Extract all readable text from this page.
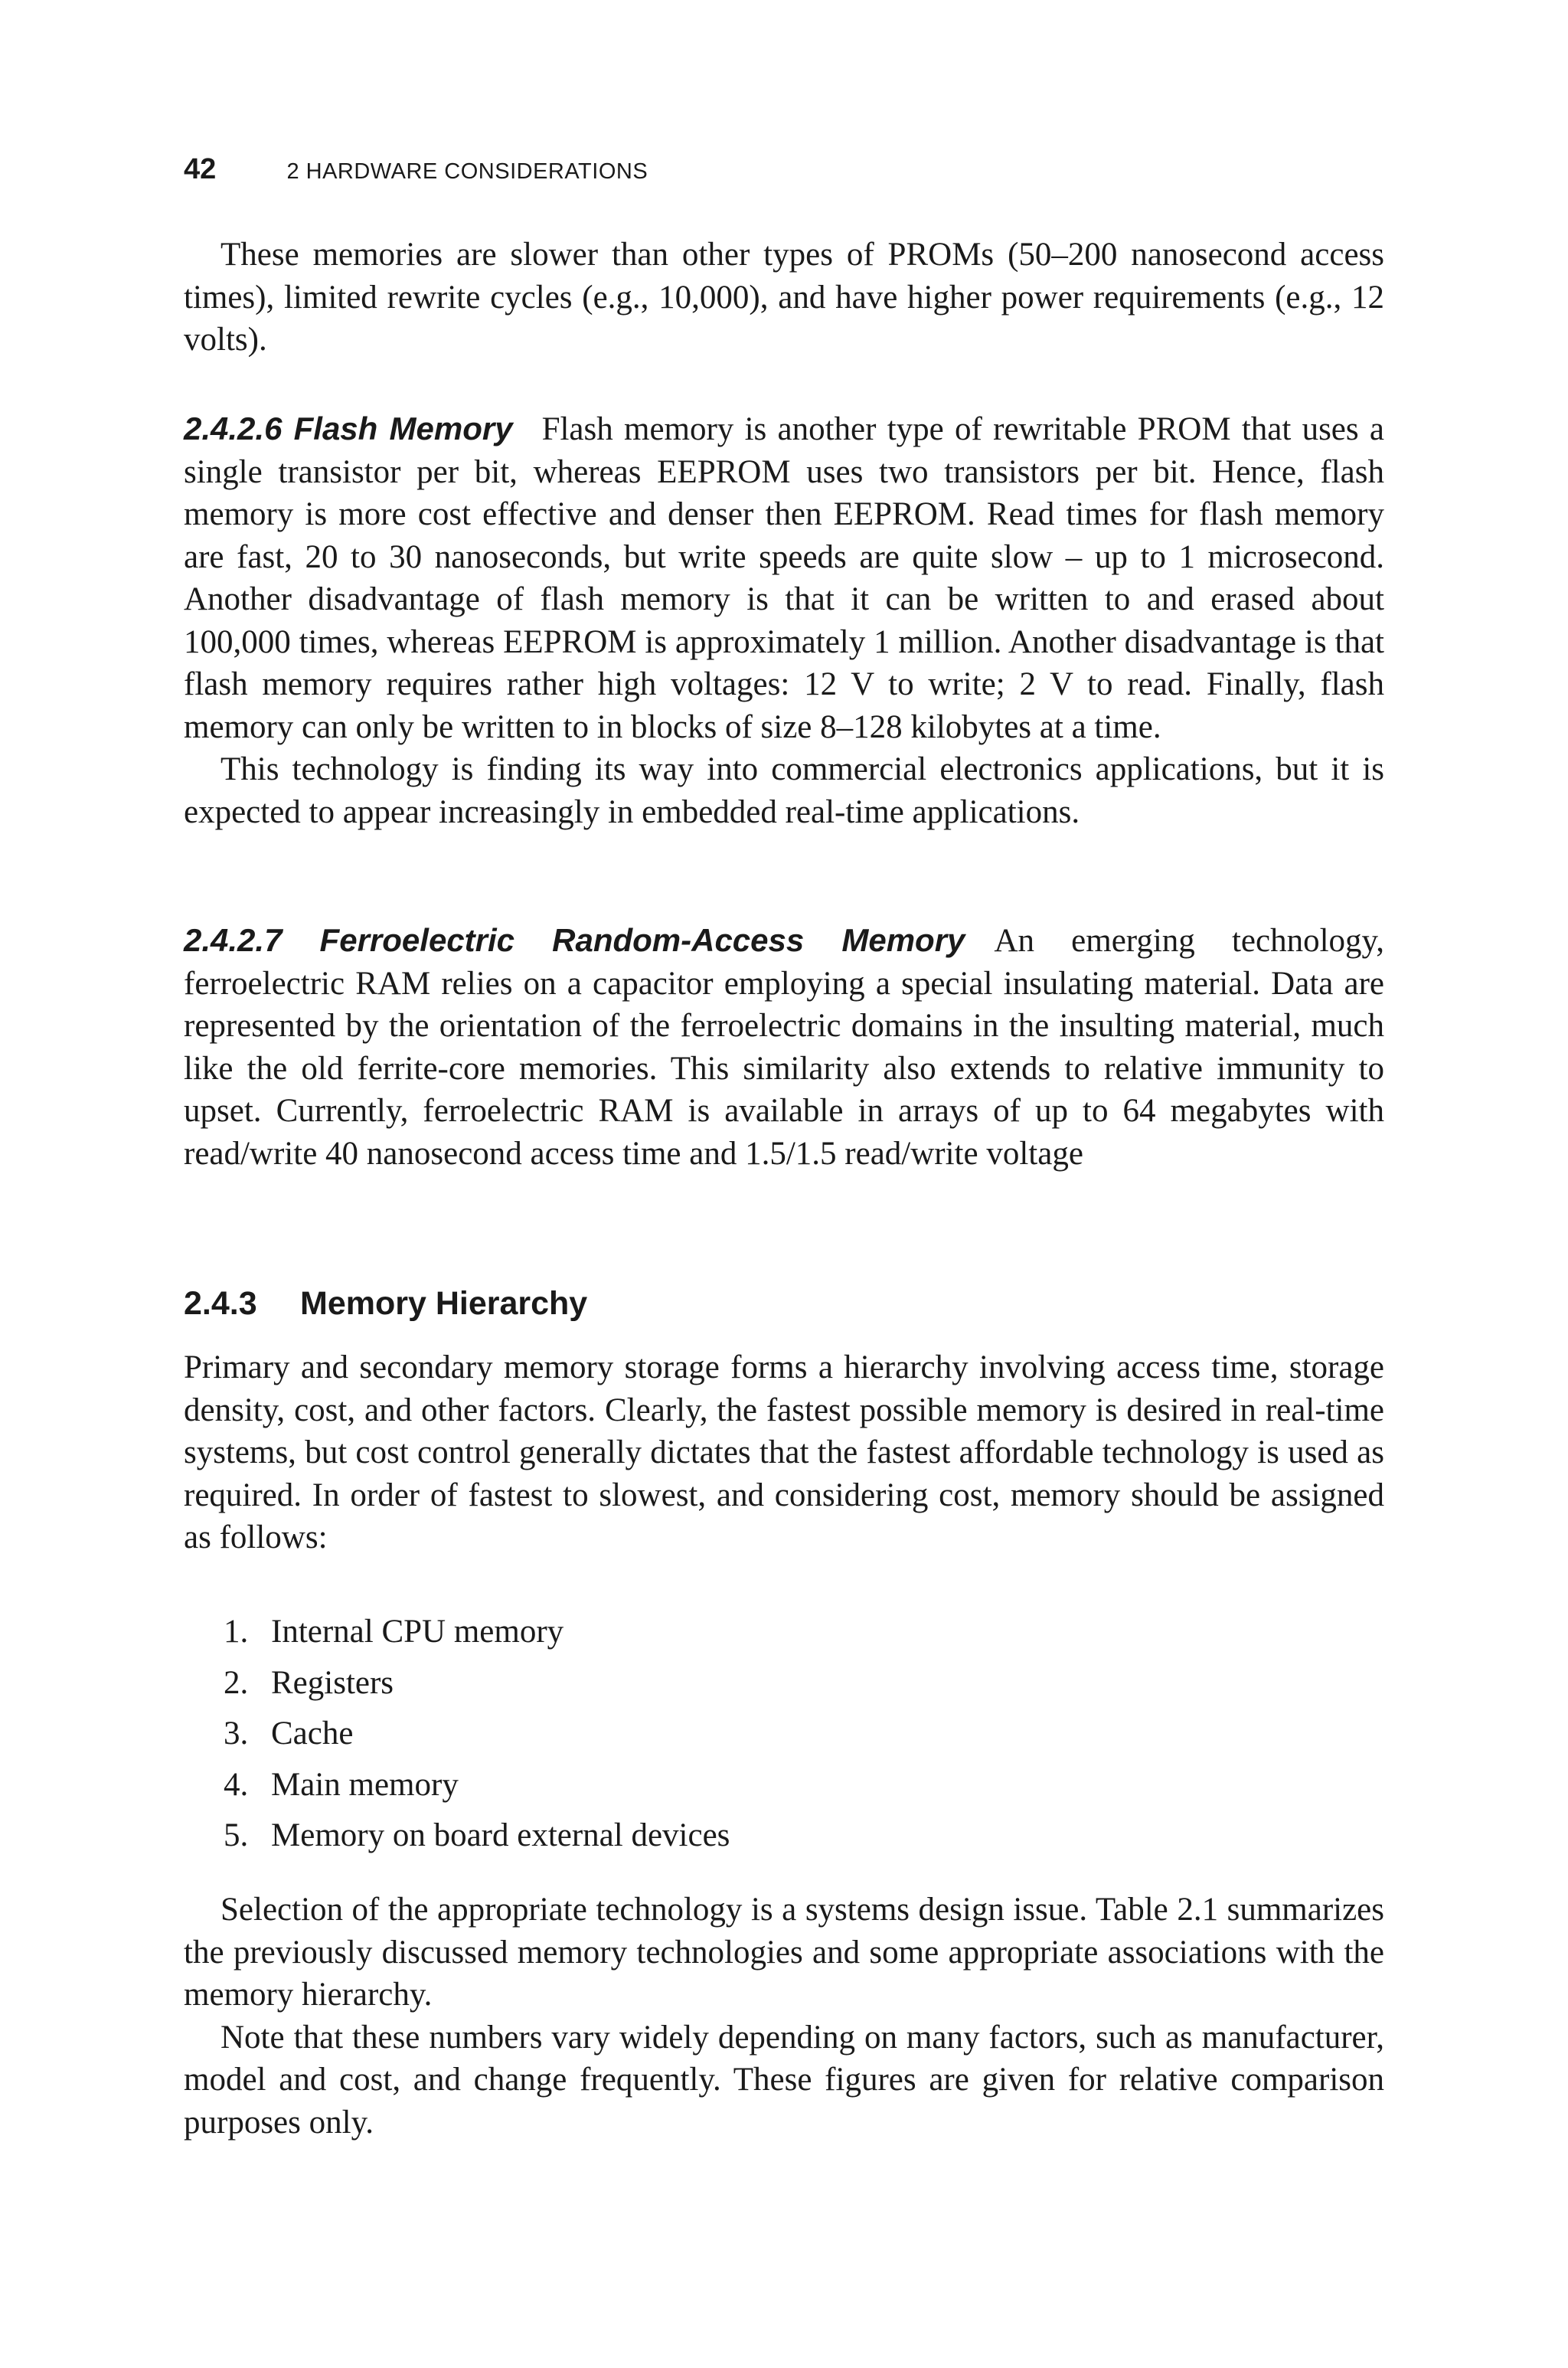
42	2 HARDWARE CONSIDERATIONS

These memories are slower than other types of PROMs (50–200 nanosecond access times), limited rewrite cycles (e.g., 10,000), and have higher power requirements (e.g., 12 volts).

2.4.2.6 Flash Memory Flash memory is another type of rewritable PROM that uses a single transistor per bit, whereas EEPROM uses two transistors per bit. Hence, flash memory is more cost effective and denser then EEPROM. Read times for flash memory are fast, 20 to 30 nanoseconds, but write speeds are quite slow – up to 1 microsecond. Another disadvantage of flash memory is that it can be written to and erased about 100,000 times, whereas EEPROM is approximately 1 million. Another disadvantage is that flash memory requires rather high voltages: 12 V to write; 2 V to read. Finally, flash memory can only be written to in blocks of size 8–128 kilobytes at a time.

This technology is finding its way into commercial electronics applications, but it is expected to appear increasingly in embedded real-time applications.

2.4.2.7 Ferroelectric Random-Access Memory An emerging technology, ferroelectric RAM relies on a capacitor employing a special insulating material. Data are represented by the orientation of the ferroelectric domains in the insulting material, much like the old ferrite-core memories. This similarity also extends to relative immunity to upset. Currently, ferroelectric RAM is available in arrays of up to 64 megabytes with read/write 40 nanosecond access time and 1.5/1.5 read/write voltage

2.4.3 Memory Hierarchy

Primary and secondary memory storage forms a hierarchy involving access time, storage density, cost, and other factors. Clearly, the fastest possible memory is desired in real-time systems, but cost control generally dictates that the fastest affordable technology is used as required. In order of fastest to slowest, and considering cost, memory should be assigned as follows:

1. Internal CPU memory
2. Registers
3. Cache
4. Main memory
5. Memory on board external devices

Selection of the appropriate technology is a systems design issue. Table 2.1 summarizes the previously discussed memory technologies and some appropriate associations with the memory hierarchy.

Note that these numbers vary widely depending on many factors, such as manufacturer, model and cost, and change frequently. These figures are given for relative comparison purposes only.
